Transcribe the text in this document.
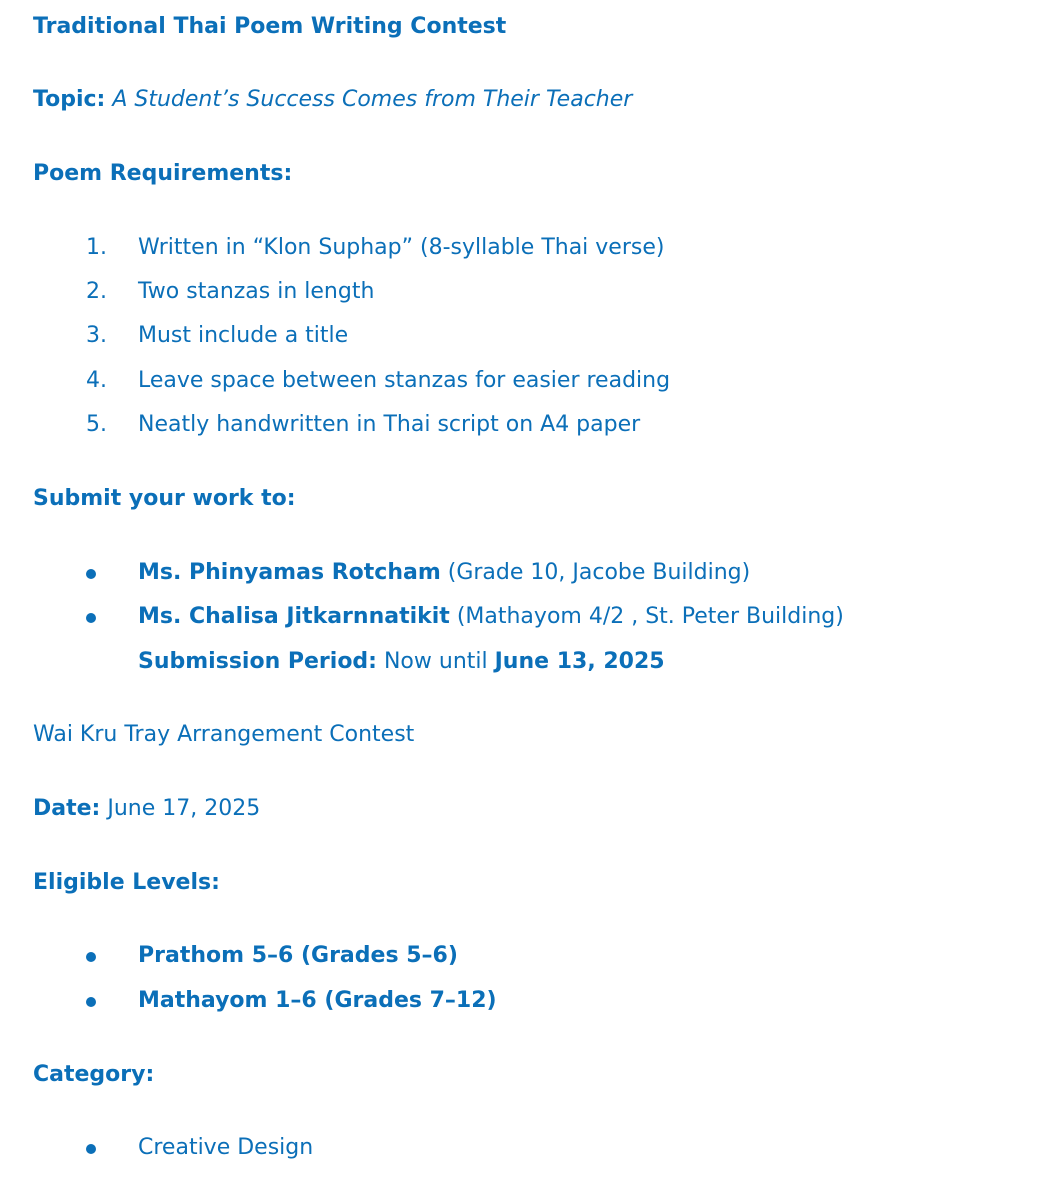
Traditional Thai Poem Writing Contest
Topic: A Student’s Success Comes from Their Teacher
Poem Requirements:
1. Written in “Klon Suphap” (8-syllable Thai verse)
2. Two stanzas in length
3. Must include a title
4. Leave space between stanzas for easier reading
5. Neatly handwritten in Thai script on A4 paper
Submit your work to:
Ms. Phinyamas Rotcham (Grade 10, Jacobe Building)
Ms. Chalisa Jitkarnnatikit (Mathayom 4/2 , St. Peter Building)
Submission Period: Now until June 13, 2025
Wai Kru Tray Arrangement Contest
Date: June 17, 2025
Eligible Levels:
Prathom 5–6 (Grades 5–6)
Mathayom 1–6 (Grades 7–12)
Category:
Creative Design
